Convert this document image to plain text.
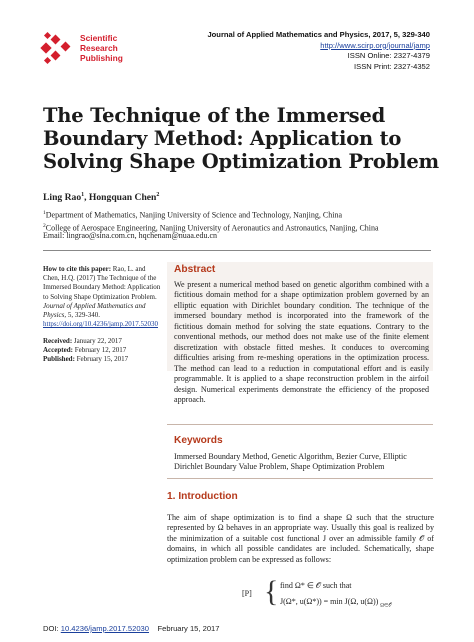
Scientific
Research
Publishing
Journal of Applied Mathematics and Physics, 2017, 5, 329-340
http://www.scirp.org/journal/jamp
ISSN Online: 2327-4379
ISSN Print: 2327-4352
The Technique of the Immersed Boundary Method: Application to Solving Shape Optimization Problem
Ling Rao$^1$, Hongquan Chen$^2$
$^1$Department of Mathematics, Nanjing University of Science and Technology, Nanjing, China
$^2$College of Aerospace Engineering, Nanjing University of Aeronautics and Astronautics, Nanjing, China
Email: lingrao@sina.com.cn, hqchenam@nuaa.edu.cn
How to cite this paper: Rao, L. and Chen, H.Q. (2017) The Technique of the Immersed Boundary Method: Application to Solving Shape Optimization Problem. Journal of Applied Mathematics and Physics, 5, 329-340. https://doi.org/10.4236/jamp.2017.52030
Received: January 22, 2017
Accepted: February 12, 2017
Published: February 15, 2017
Abstract
We present a numerical method based on genetic algorithm combined with a fictitious domain method for a shape optimization problem governed by an elliptic equation with Dirichlet boundary condition. The technique of the immersed boundary method is incorporated into the framework of the fictitious domain method for solving the state equations. Contrary to the conventional methods, our method does not make use of the finite element discretization with obstacle fitted meshes. It conduces to overcoming difficulties arising from re-meshing operations in the optimization process. The method can lead to a reduction in computational effort and is easily programmable. It is applied to a shape reconstruction problem in the airfoil design. Numerical experiments demonstrate the efficiency of the proposed approach.
Keywords
Immersed Boundary Method, Genetic Algorithm, Bezier Curve, Elliptic Dirichlet Boundary Value Problem, Shape Optimization Problem
1. Introduction
The aim of shape optimization is to find a shape Ω such that the structure represented by Ω behaves in an appropriate way. Usually this goal is realized by the minimization of a suitable cost functional J over an admissible family 𝒪 of domains, in which all possible candidates are included. Schematically, shape optimization problem can be expressed as follows:
[P] { find Ω* ∈ 𝒪 such that
J(Ω*, u(Ω*)) = min J(Ω, u(Ω)) $_{\Omega\in 𝒪}$
DOI: 10.4236/jamp.2017.52030 February 15, 2017
